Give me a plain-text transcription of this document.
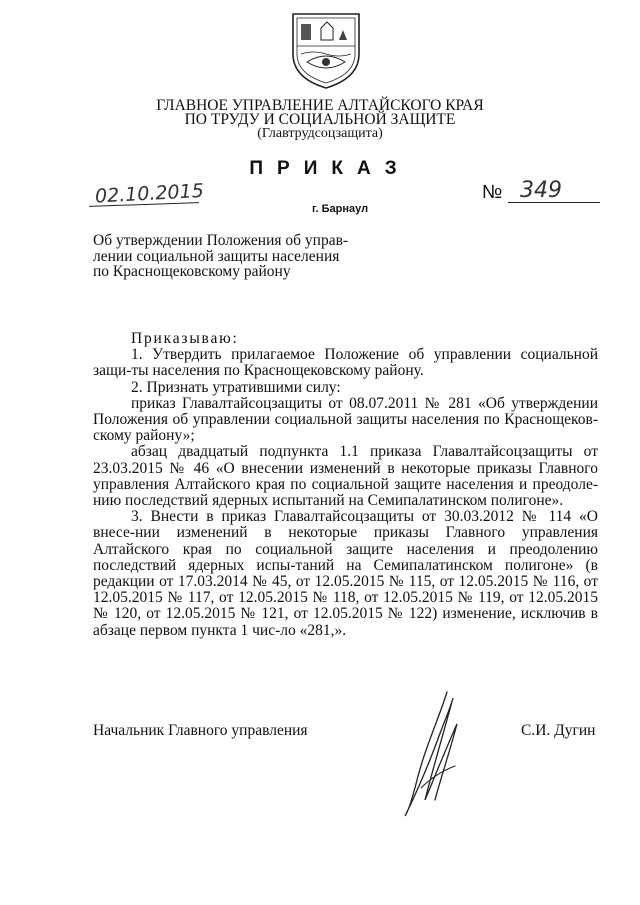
ГЛАВНОЕ УПРАВЛЕНИЕ АЛТАЙСКОГО КРАЯ
ПО ТРУДУ И СОЦИАЛЬНОЙ ЗАЩИТЕ
(Главтрудсоцзащита)
ПРИКАЗ
02.10.2015	№ 349
г. Барнаул
Об утверждении Положения об управ-
лении социальной защиты населения
по Краснощековскому району

Приказываю:

1. Утвердить прилагаемое Положение об управлении социальной защи-ты населения по Краснощековскому району.

2. Признать утратившими силу:

приказ Главалтайсоцзащиты от 08.07.2011 № 281 «Об утверждении Положения об управлении социальной защиты населения по Краснощеков-скому району»;

абзац двадцатый подпункта 1.1 приказа Главалтайсоцзащиты от 23.03.2015 № 46 «О внесении изменений в некоторые приказы Главного управления Алтайского края по социальной защите населения и преодоле-нию последствий ядерных испытаний на Семипалатинском полигоне».

3. Внести в приказ Главалтайсоцзащиты от 30.03.2012 № 114 «О внесе-нии изменений в некоторые приказы Главного управления Алтайского края по социальной защите населения и преодолению последствий ядерных испы-таний на Семипалатинском полигоне» (в редакции от 17.03.2014 № 45, от 12.05.2015 № 115, от 12.05.2015 № 116, от 12.05.2015 № 117, от 12.05.2015 № 118, от 12.05.2015 № 119, от 12.05.2015 № 120, от 12.05.2015 № 121, от 12.05.2015 № 122) изменение, исключив в абзаце первом пункта 1 чис-ло «281,».

Начальник Главного управления	С.И. Дугин
